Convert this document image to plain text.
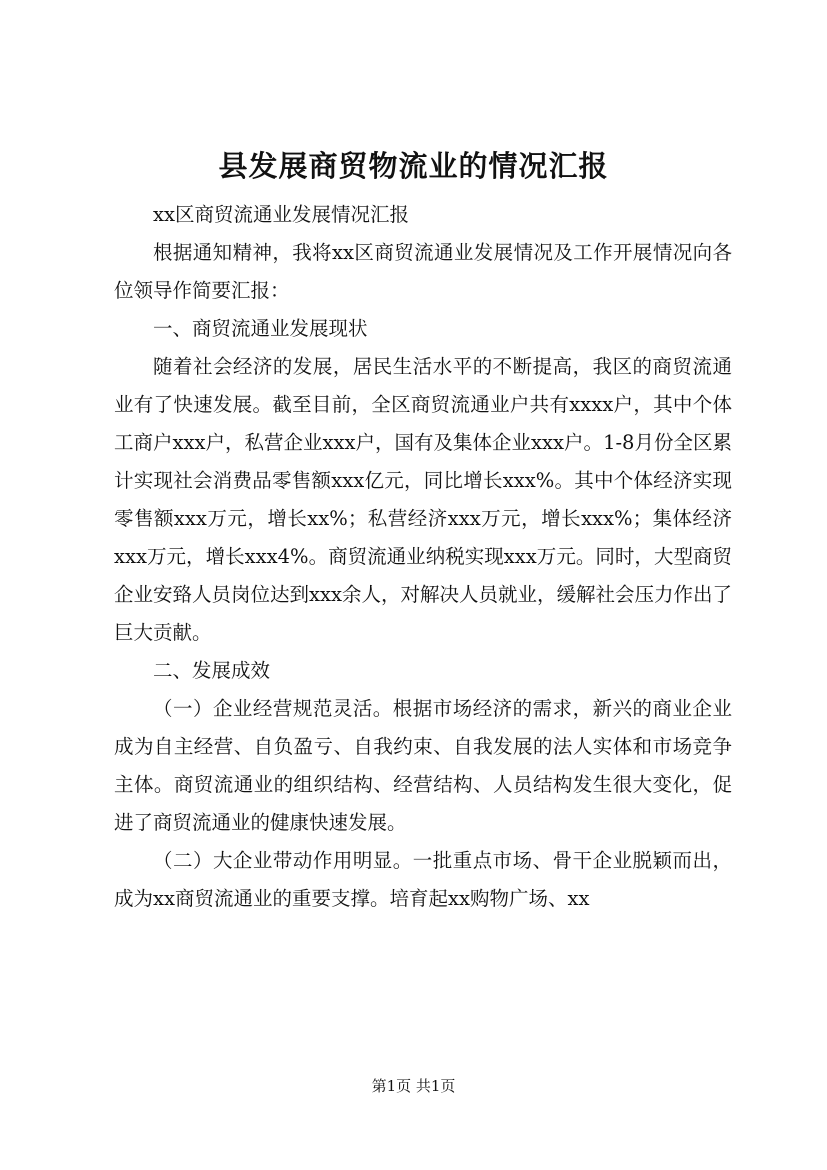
县发展商贸物流业的情况汇报

xx区商贸流通业发展情况汇报

根据通知精神，我将xx区商贸流通业发展情况及工作开展情况向各位领导作简要汇报：

一、商贸流通业发展现状

随着社会经济的发展，居民生活水平的不断提高，我区的商贸流通业有了快速发展。截至目前，全区商贸流通业户共有xxxx户，其中个体工商户xxx户，私营企业xxx户，国有及集体企业xxx户。1-8月份全区累计实现社会消费品零售额xxx亿元，同比增长xxx%。其中个体经济实现零售额xxx万元，增长xx%；私营经济xxx万元，增长xxx%；集体经济xxx万元，增长xxx4%。商贸流通业纳税实现xxx万元。同时，大型商贸企业安臵人员岗位达到xxx余人，对解决人员就业，缓解社会压力作出了巨大贡献。

二、发展成效

（一）企业经营规范灵活。根据市场经济的需求，新兴的商业企业成为自主经营、自负盈亏、自我约束、自我发展的法人实体和市场竞争主体。商贸流通业的组织结构、经营结构、人员结构发生很大变化，促进了商贸流通业的健康快速发展。

（二）大企业带动作用明显。一批重点市场、骨干企业脱颖而出，成为xx商贸流通业的重要支撑。培育起xx购物广场、xx

第1页 共1页
